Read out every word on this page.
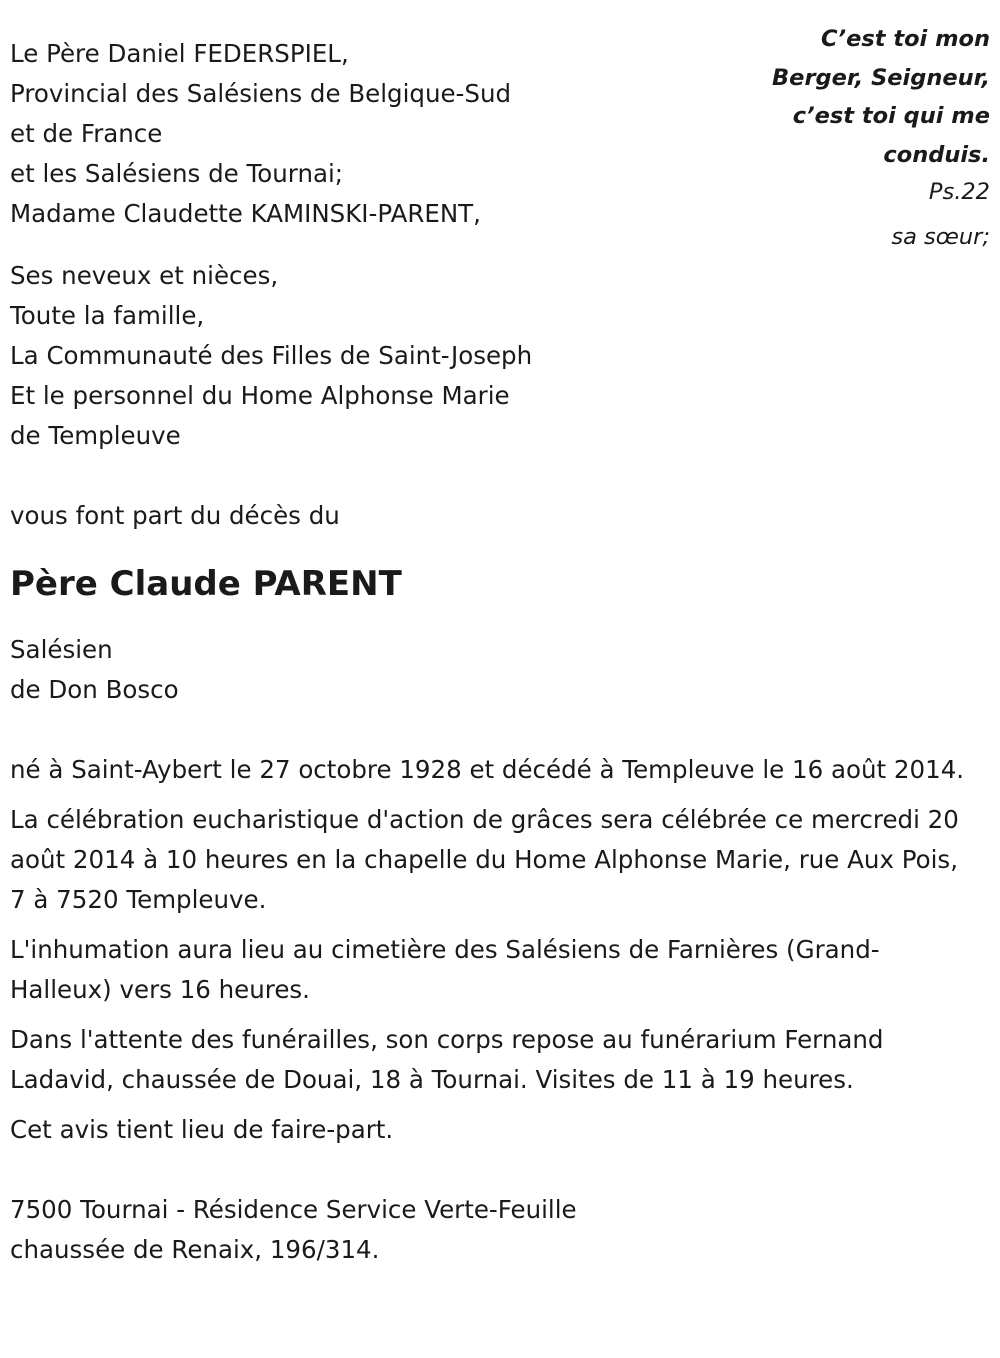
C’est toi mon
Berger, Seigneur,
c’est toi qui me
conduis.
Ps.22
sa sœur;
Le Père Daniel FEDERSPIEL,
Provincial des Salésiens de Belgique-Sud
et de France
et les Salésiens de Tournai;
Madame Claudette KAMINSKI-PARENT,
Ses neveux et nièces,
Toute la famille,
La Communauté des Filles de Saint-Joseph
Et le personnel du Home Alphonse Marie
de Templeuve
vous font part du décès du
Père Claude PARENT
Salésien
de Don Bosco
né à Saint-Aybert le 27 octobre 1928 et décédé à Templeuve le 16 août 2014.
La célébration eucharistique d'action de grâces sera célébrée ce mercredi 20 août 2014 à 10 heures en la chapelle du Home Alphonse Marie, rue Aux Pois, 7 à 7520 Templeuve.
L'inhumation aura lieu au cimetière des Salésiens de Farnières (Grand-Halleux) vers 16 heures.
Dans l'attente des funérailles, son corps repose au funérarium Fernand Ladavid, chaussée de Douai, 18 à Tournai. Visites de 11 à 19 heures.
Cet avis tient lieu de faire-part.
7500 Tournai - Résidence Service Verte-Feuille
chaussée de Renaix, 196/314.
